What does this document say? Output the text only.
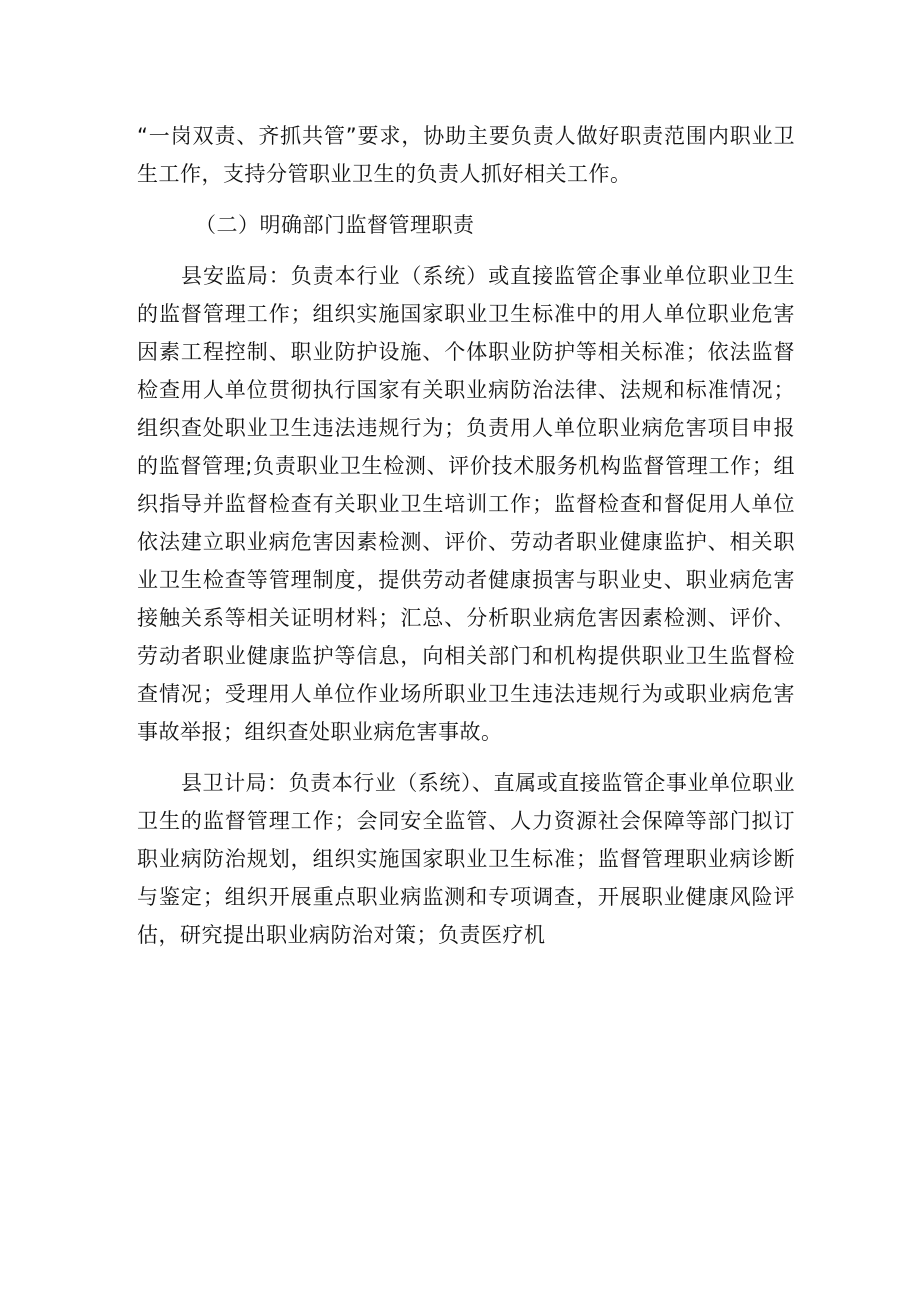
“一岗双责、齐抓共管”要求，协助主要负责人做好职责范围内职业卫生工作，支持分管职业卫生的负责人抓好相关工作。

（二）明确部门监督管理职责

县安监局：负责本行业（系统）或直接监管企事业单位职业卫生的监督管理工作；组织实施国家职业卫生标准中的用人单位职业危害因素工程控制、职业防护设施、个体职业防护等相关标准；依法监督检查用人单位贯彻执行国家有关职业病防治法律、法规和标准情况；组织查处职业卫生违法违规行为；负责用人单位职业病危害项目申报的监督管理;负责职业卫生检测、评价技术服务机构监督管理工作；组织指导并监督检查有关职业卫生培训工作；监督检查和督促用人单位依法建立职业病危害因素检测、评价、劳动者职业健康监护、相关职业卫生检查等管理制度，提供劳动者健康损害与职业史、职业病危害接触关系等相关证明材料；汇总、分析职业病危害因素检测、评价、劳动者职业健康监护等信息，向相关部门和机构提供职业卫生监督检查情况；受理用人单位作业场所职业卫生违法违规行为或职业病危害事故举报；组织查处职业病危害事故。

县卫计局：负责本行业（系统）、直属或直接监管企事业单位职业卫生的监督管理工作；会同安全监管、人力资源社会保障等部门拟订职业病防治规划，组织实施国家职业卫生标准；监督管理职业病诊断与鉴定；组织开展重点职业病监测和专项调查，开展职业健康风险评估，研究提出职业病防治对策；负责医疗机
